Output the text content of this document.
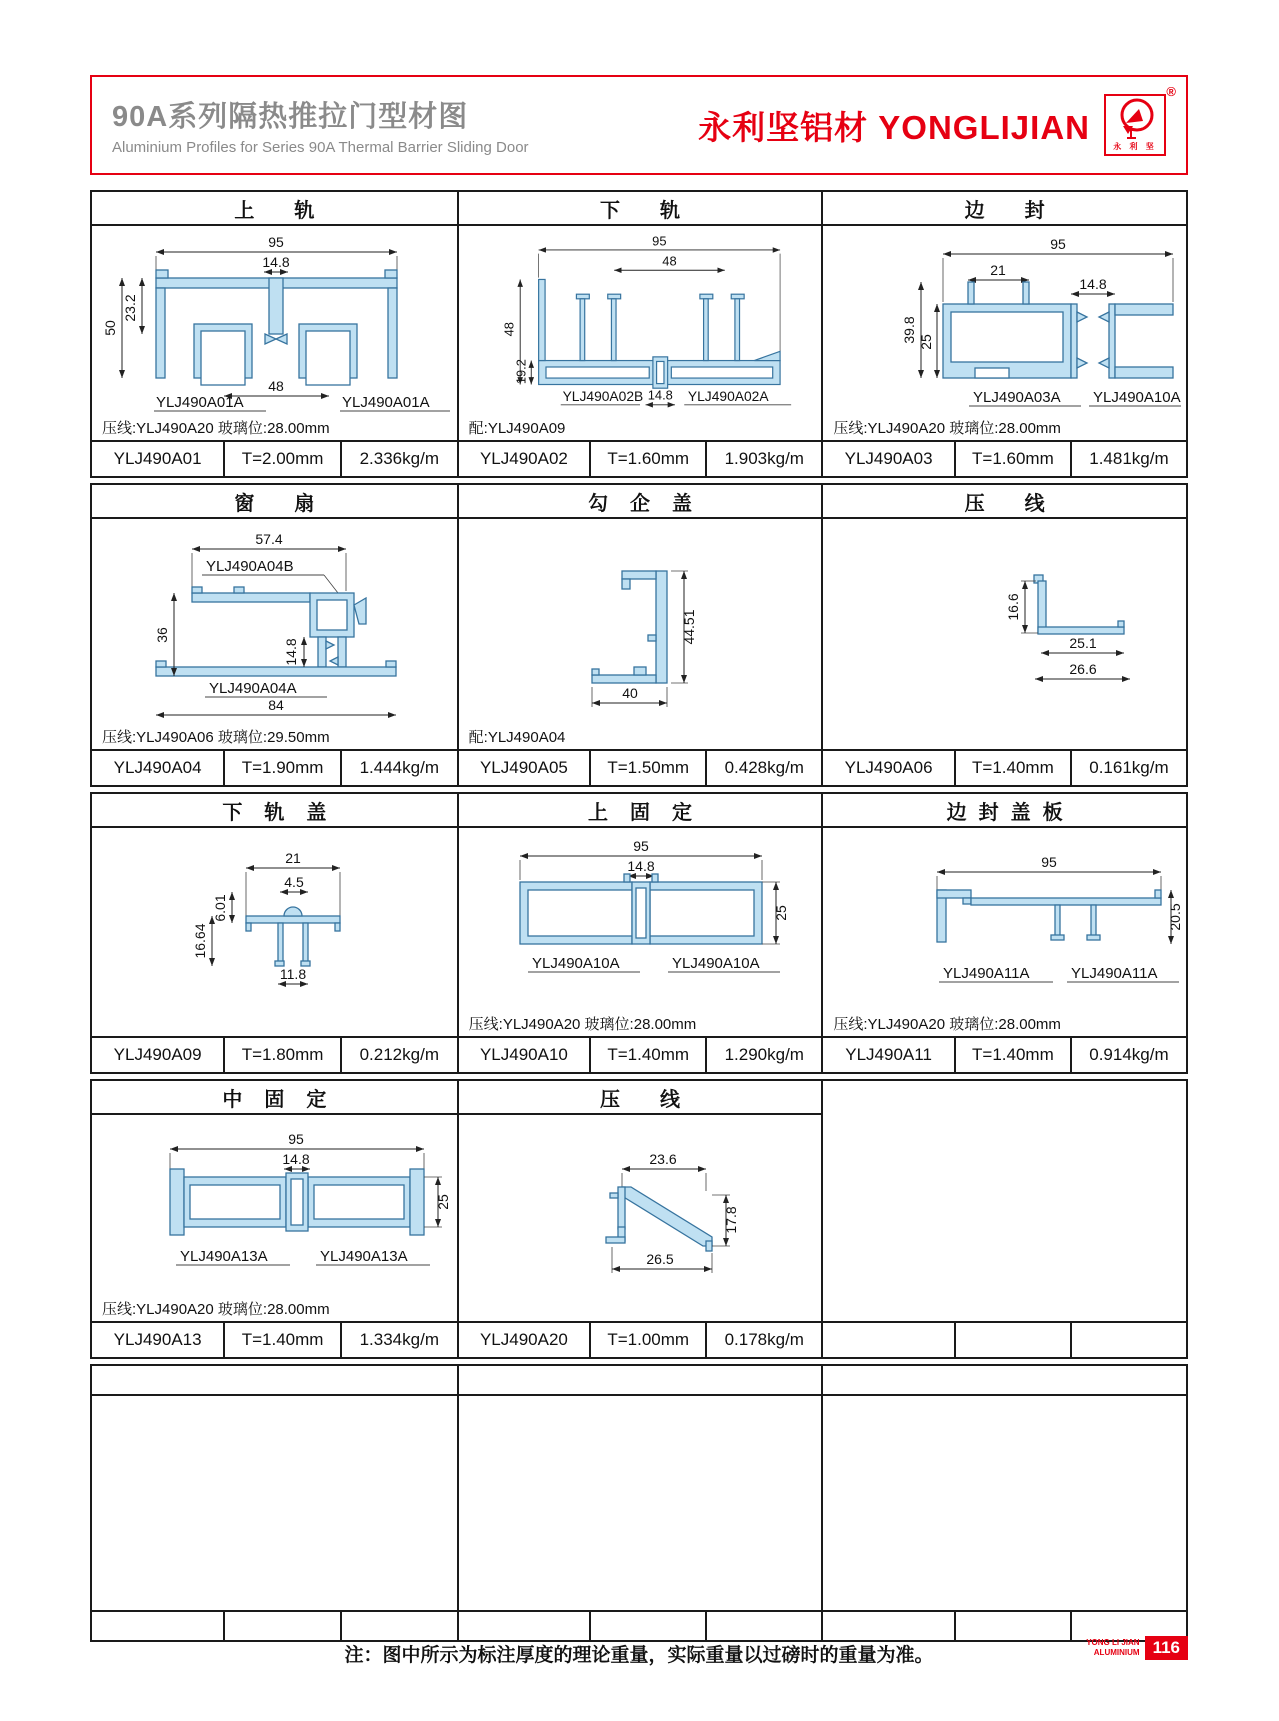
90A系列隔热推拉门型材图
Aluminium Profiles for Series 90A Thermal Barrier Sliding Door
永利坚铝材 YONGLIJIAN
永 利 坚
®
上轨
95
14.8
23.2
50
48
YLJ490A01A	YLJ490A01A
压线:YLJ490A20 玻璃位:28.00mm
YLJ490A01	T=2.00mm	2.336kg/m
下轨
95
48
48
19.2
14.8
YLJ490A02B	YLJ490A02A
配:YLJ490A09
YLJ490A02	T=1.60mm	1.903kg/m
边封
95
21
14.8
39.8 25
YLJ490A03A YLJ490A10A
压线:YLJ490A20 玻璃位:28.00mm
YLJ490A03	T=1.60mm	1.481kg/m
窗扇
57.4
YLJ490A04B
36
14.8
YLJ490A04A
84
压线:YLJ490A06 玻璃位:29.50mm
YLJ490A04	T=1.90mm	1.444kg/m
勾企盖
44.51
40
配:YLJ490A04
YLJ490A05	T=1.50mm	0.428kg/m
压线
16.6
25.1
26.6
YLJ490A06	T=1.40mm	0.161kg/m
下轨盖
21
4.5
6.01
16.64
11.8
YLJ490A09	T=1.80mm	0.212kg/m
上固定
95
14.8
25
YLJ490A10A	YLJ490A10A
压线:YLJ490A20 玻璃位:28.00mm
YLJ490A10	T=1.40mm	1.290kg/m
边封盖板
95
20.5
YLJ490A11A	YLJ490A11A
压线:YLJ490A20 玻璃位:28.00mm
YLJ490A11	T=1.40mm	0.914kg/m
中固定
95
14.8
25
YLJ490A13A	YLJ490A13A
压线:YLJ490A20 玻璃位:28.00mm
YLJ490A13	T=1.40mm	1.334kg/m
压线
23.6
17.8
26.5
YLJ490A20	T=1.00mm	0.178kg/m
注：图中所示为标注厚度的理论重量，实际重量以过磅时的重量为准。
YONG LI JIAN
ALUMINIUM 116
